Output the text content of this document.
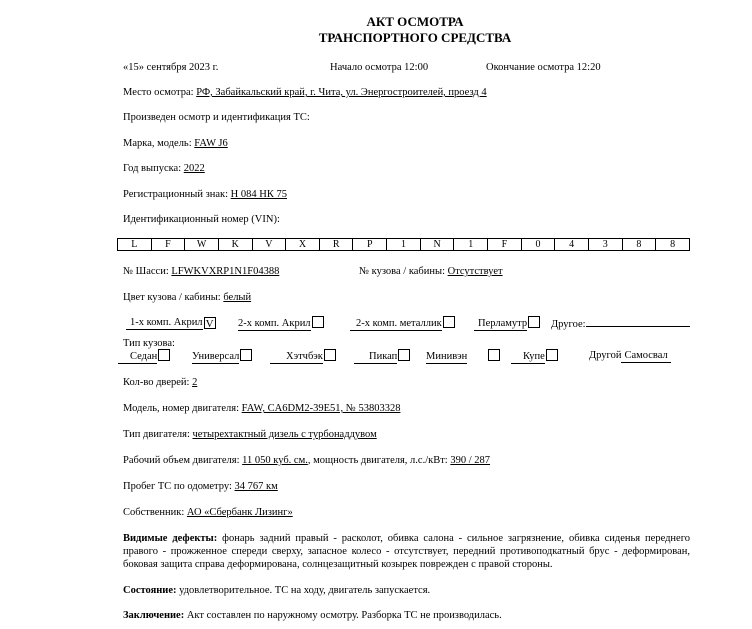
АКТ ОСМОТРА
ТРАНСПОРТНОГО СРЕДСТВА
«15» сентября 2023 г.	Начало осмотра 12:00	Окончание осмотра 12:20
Место осмотра: РФ, Забайкальский край, г. Чита, ул. Энергостроителей, проезд 4
Произведен осмотр и идентификация ТС:
Марка, модель: FAW J6
Год выпуска: 2022
Регистрационный знак: Н 084 НК 75
Идентификационный номер (VIN):
L	F	W	K	V	X	R	P	1	N	1	F	0	4	3	8	8
№ Шасси: LFWKVXRP1N1F04388	№ кузова / кабины: Отсутствует
Цвет кузова / кабины: белый
1-х комп. Акрил V 2-х комп. Акрил	2-х комп. металлик	Перламутр	Другое:
Тип кузова:
Седан	Универсал	Хэтчбэк	Пикап	Минивэн	Купе	Другой Самосвал
Кол-во дверей: 2
Модель, номер двигателя: FAW, CA6DM2-39E51, № 53803328
Тип двигателя: четырехтактный дизель с турбонаддувом
Рабочий объем двигателя: 11 050 куб. см., мощность двигателя, л.с./кВт: 390 / 287
Пробег ТС по одометру: 34 767 км
Собственник: АО «Сбербанк Лизинг»
Видимые дефекты: фонарь задний правый - расколот, обивка салона - сильное загрязнение, обивка сиденья переднего правого - прожженное спереди сверху, запасное колесо - отсутствует, передний противоподкатный брус - деформирован, боковая защита справа деформирована, солнцезащитный козырек поврежден с правой стороны.
Состояние: удовлетворительное. ТС на ходу, двигатель запускается.
Заключение: Акт составлен по наружному осмотру. Разборка ТС не производилась.
